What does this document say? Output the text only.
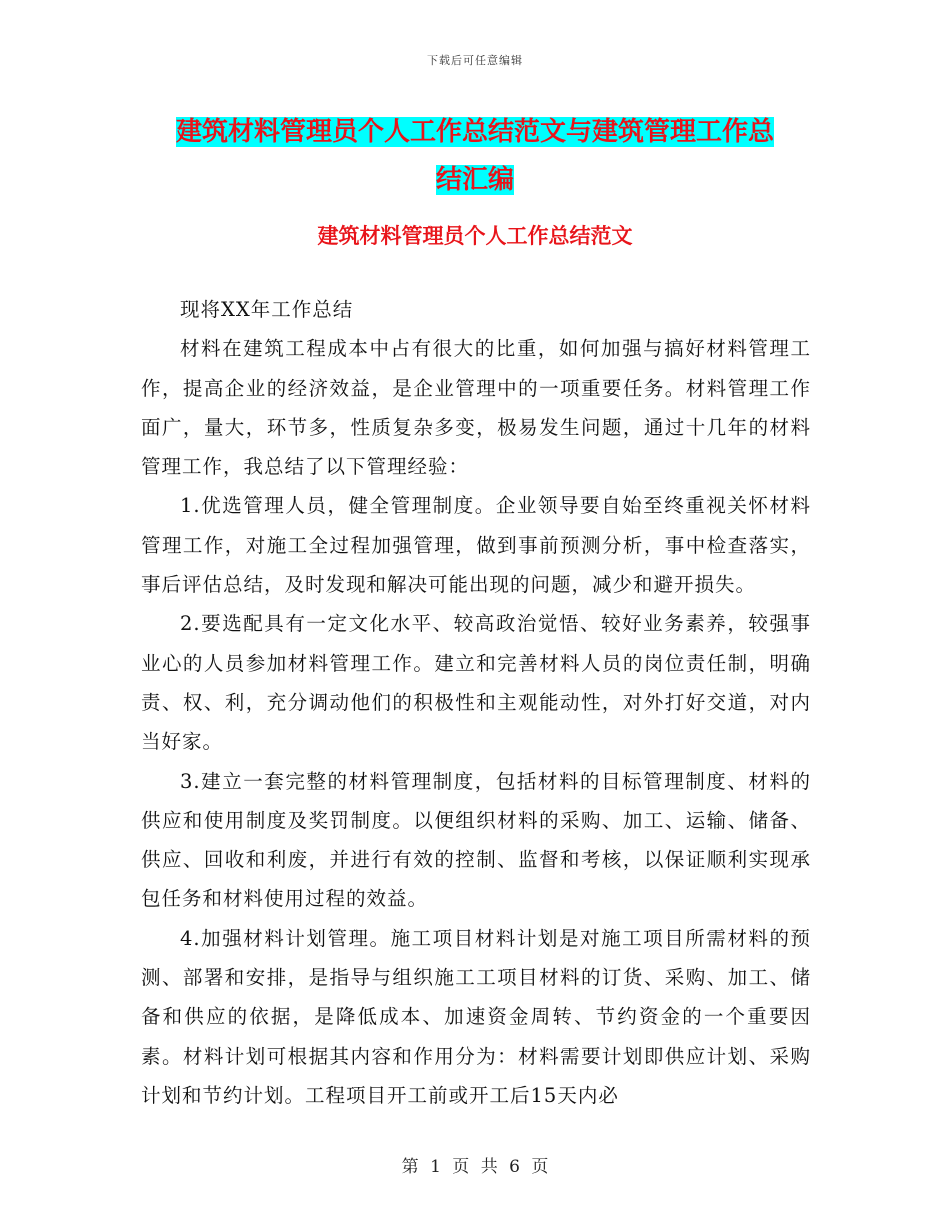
下载后可任意编辑
建筑材料管理员个人工作总结范文与建筑管理工作总
结汇编
建筑材料管理员个人工作总结范文

现将XX年工作总结

材料在建筑工程成本中占有很大的比重，如何加强与搞好材料管理工作，提高企业的经济效益，是企业管理中的一项重要任务。材料管理工作面广，量大，环节多，性质复杂多变，极易发生问题，通过十几年的材料管理工作，我总结了以下管理经验：

1.优选管理人员，健全管理制度。企业领导要自始至终重视关怀材料管理工作，对施工全过程加强管理，做到事前预测分析，事中检查落实，事后评估总结，及时发现和解决可能出现的问题，减少和避开损失。

2.要选配具有一定文化水平、较高政治觉悟、较好业务素养，较强事业心的人员参加材料管理工作。建立和完善材料人员的岗位责任制，明确责、权、利，充分调动他们的积极性和主观能动性，对外打好交道，对内当好家。

3.建立一套完整的材料管理制度，包括材料的目标管理制度、材料的供应和使用制度及奖罚制度。以便组织材料的采购、加工、运输、储备、供应、回收和利废，并进行有效的控制、监督和考核，以保证顺利实现承包任务和材料使用过程的效益。

4.加强材料计划管理。施工项目材料计划是对施工项目所需材料的预测、部署和安排，是指导与组织施工工项目材料的订货、采购、加工、储备和供应的依据，是降低成本、加速资金周转、节约资金的一个重要因素。材料计划可根据其内容和作用分为：材料需要计划即供应计划、采购计划和节约计划。工程项目开工前或开工后15天内必

第 1 页 共 6 页
